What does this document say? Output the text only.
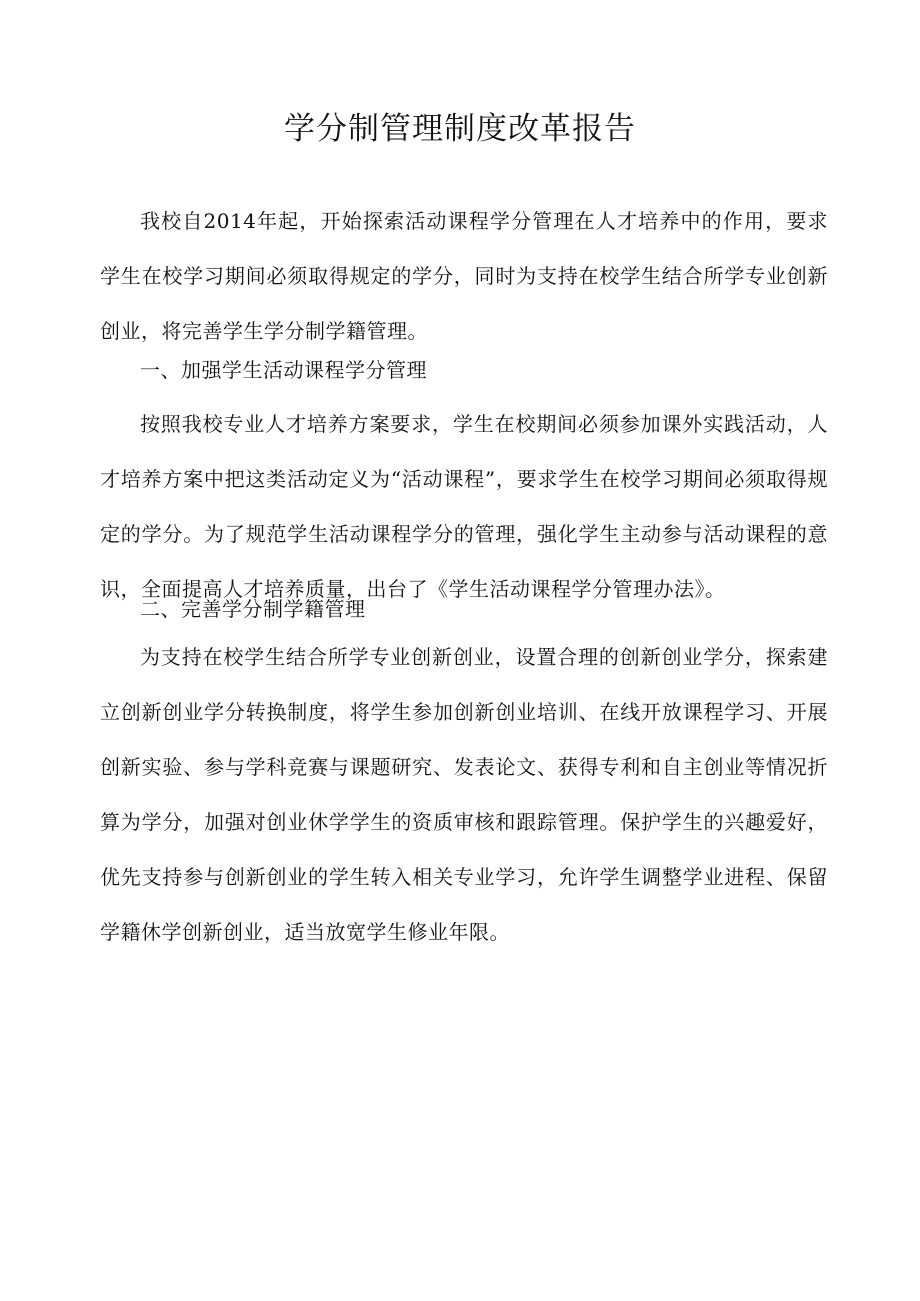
学分制管理制度改革报告

我校自2014年起，开始探索活动课程学分管理在人才培养中的作用，要求学生在校学习期间必须取得规定的学分，同时为支持在校学生结合所学专业创新创业，将完善学生学分制学籍管理。

一、加强学生活动课程学分管理

按照我校专业人才培养方案要求，学生在校期间必须参加课外实践活动，人才培养方案中把这类活动定义为“活动课程”，要求学生在校学习期间必须取得规定的学分。为了规范学生活动课程学分的管理，强化学生主动参与活动课程的意识，全面提高人才培养质量，出台了《学生活动课程学分管理办法》。

二、完善学分制学籍管理

为支持在校学生结合所学专业创新创业，设置合理的创新创业学分，探索建立创新创业学分转换制度，将学生参加创新创业培训、在线开放课程学习、开展创新实验、参与学科竞赛与课题研究、发表论文、获得专利和自主创业等情况折算为学分，加强对创业休学学生的资质审核和跟踪管理。保护学生的兴趣爱好，优先支持参与创新创业的学生转入相关专业学习，允许学生调整学业进程、保留学籍休学创新创业，适当放宽学生修业年限。
